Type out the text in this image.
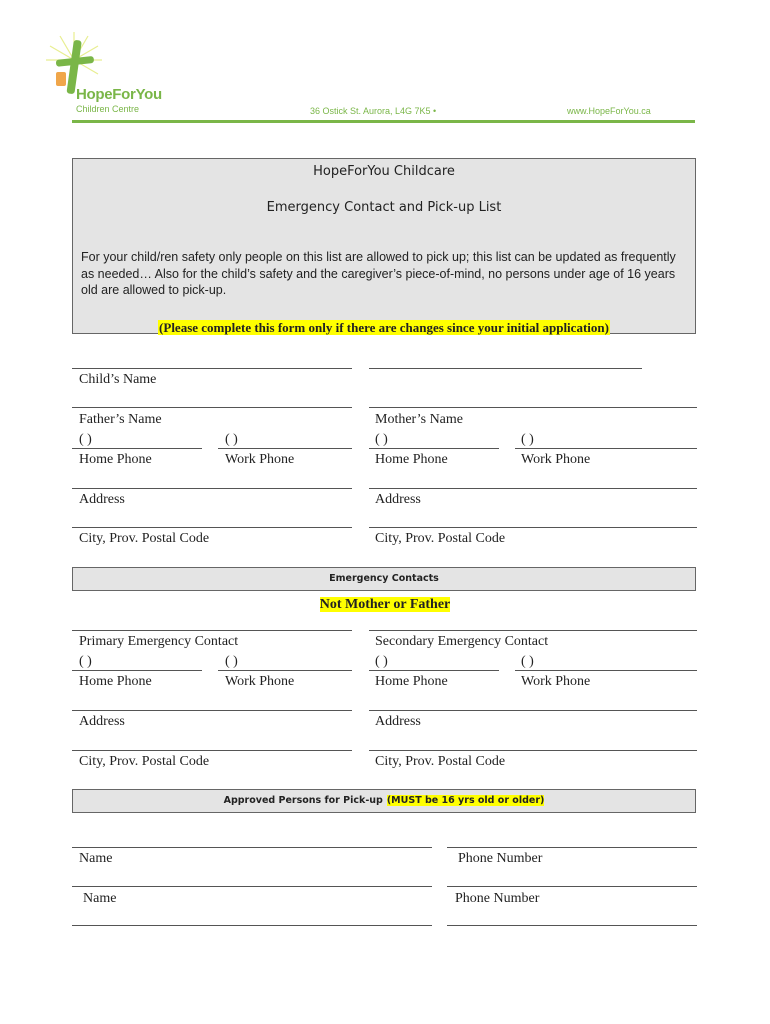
HopeForYou
Children Centre	36 Ostick St. Aurora, L4G 7K5 •	www.HopeForYou.ca
HopeForYou Childcare
Emergency Contact and Pick-up List
For your child/ren safety only people on this list are allowed to pick up; this list can be updated as frequently as needed… Also for the child’s safety and the caregiver’s piece-of-mind, no persons under age of 16 years old are allowed to pick-up.
(Please complete this form only if there are changes since your initial application)
Child’s Name
Father’s Name	Mother’s Name
( )	( )	( )	( )
Home Phone	Work Phone	Home Phone	Work Phone
Address	Address
City, Prov. Postal Code	City, Prov. Postal Code
Emergency Contacts
Not Mother or Father
Primary Emergency Contact	Secondary Emergency Contact
( )	( )	( )	( )
Home Phone	Work Phone	Home Phone	Work Phone
Address	Address
City, Prov. Postal Code	City, Prov. Postal Code
Approved Persons for Pick-up (MUST be 16 yrs old or older)
Name	Phone Number
Name	Phone Number
